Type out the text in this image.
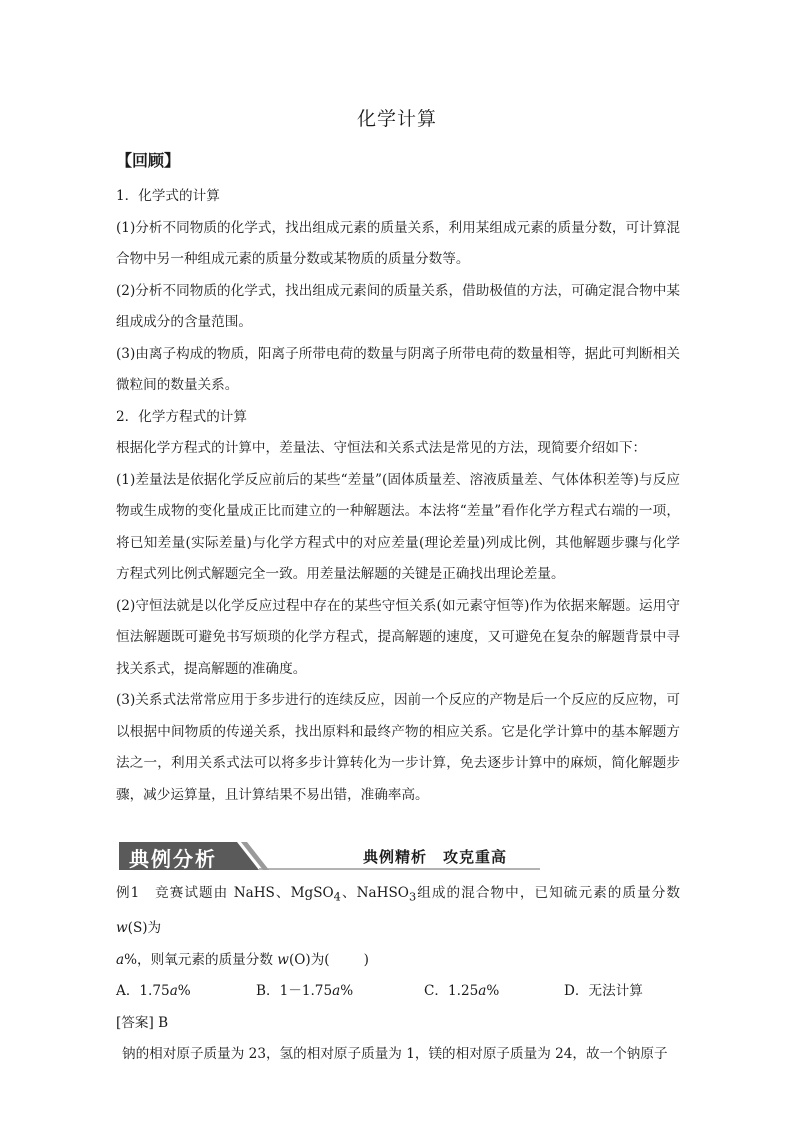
化学计算
【回顾】

1．化学式的计算

(1)分析不同物质的化学式，找出组成元素的质量关系，利用某组成元素的质量分数，可计算混合物中另一种组成元素的质量分数或某物质的质量分数等。

(2)分析不同物质的化学式，找出组成元素间的质量关系，借助极值的方法，可确定混合物中某组成成分的含量范围。

(3)由离子构成的物质，阳离子所带电荷的数量与阴离子所带电荷的数量相等，据此可判断相关微粒间的数量关系。

2．化学方程式的计算

根据化学方程式的计算中，差量法、守恒法和关系式法是常见的方法，现简要介绍如下：

(1)差量法是依据化学反应前后的某些“差量”(固体质量差、溶液质量差、气体体积差等)与反应物或生成物的变化量成正比而建立的一种解题法。本法将“差量”看作化学方程式右端的一项，将已知差量(实际差量)与化学方程式中的对应差量(理论差量)列成比例，其他解题步骤与化学方程式列比例式解题完全一致。用差量法解题的关键是正确找出理论差量。

(2)守恒法就是以化学反应过程中存在的某些守恒关系(如元素守恒等)作为依据来解题。运用守恒法解题既可避免书写烦琐的化学方程式，提高解题的速度，又可避免在复杂的解题背景中寻找关系式，提高解题的准确度。

(3)关系式法常常应用于多步进行的连续反应，因前一个反应的产物是后一个反应的反应物，可以根据中间物质的传递关系，找出原料和最终产物的相应关系。它是化学计算中的基本解题方法之一，利用关系式法可以将多步计算转化为一步计算，免去逐步计算中的麻烦，简化解题步骤，减少运算量，且计算结果不易出错，准确率高。

典例分析	典例精析　攻克重高

例1　竞赛试题由 NaHS、MgSO$_4$、NaHSO$_3$组成的混合物中，已知硫元素的质量分数 w(S)为
a%，则氧元素的质量分数 w(O)为(	)

A．1.75a%	B．1－1.75a%	C．1.25a%	D．无法计算

[答案] B

钠的相对原子质量为 23，氢的相对原子质量为 1，镁的相对原子质量为 24，故一个钠原子
